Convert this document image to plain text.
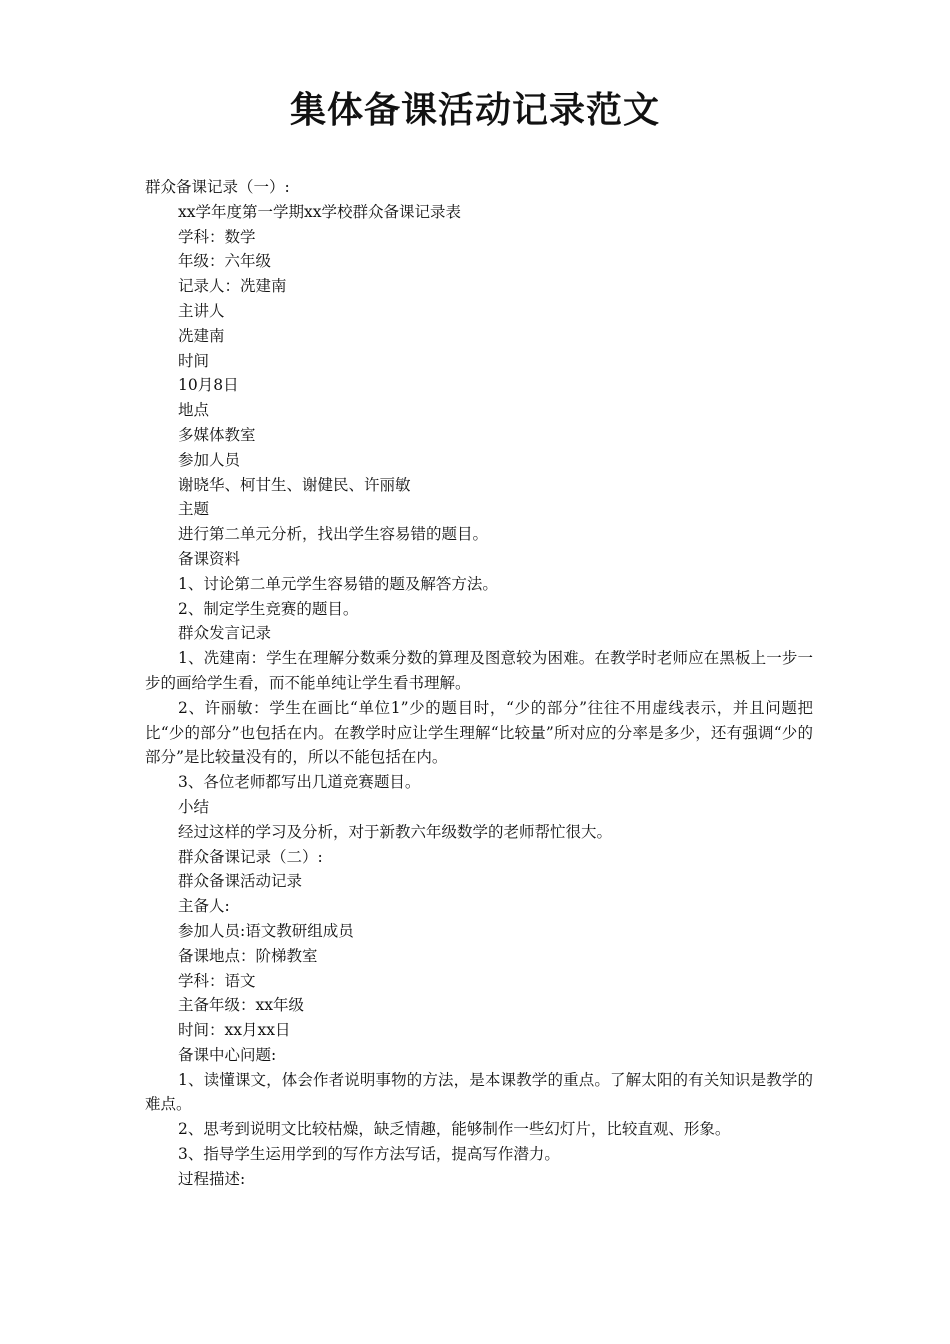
集体备课活动记录范文

群众备课记录（一）:

xx学年度第一学期xx学校群众备课记录表

学科：数学

年级：六年级

记录人：冼建南

主讲人

冼建南

时间

10月8日

地点

多媒体教室

参加人员

谢晓华、柯甘生、谢健民、许丽敏

主题

进行第二单元分析，找出学生容易错的题目。

备课资料

1、讨论第二单元学生容易错的题及解答方法。

2、制定学生竞赛的题目。

群众发言记录

1、冼建南：学生在理解分数乘分数的算理及图意较为困难。在教学时老师应在黑板上一步一步的画给学生看，而不能单纯让学生看书理解。

2、许丽敏：学生在画比“单位1”少的题目时，“少的部分”往往不用虚线表示，并且问题把比“少的部分”也包括在内。在教学时应让学生理解“比较量”所对应的分率是多少，还有强调“少的部分”是比较量没有的，所以不能包括在内。

3、各位老师都写出几道竞赛题目。

小结

经过这样的学习及分析，对于新教六年级数学的老师帮忙很大。

群众备课记录（二）:

群众备课活动记录

主备人:

参加人员:语文教研组成员

备课地点：阶梯教室

学科：语文

主备年级：xx年级

时间：xx月xx日

备课中心问题:

1、读懂课文，体会作者说明事物的方法，是本课教学的重点。了解太阳的有关知识是教学的难点。

2、思考到说明文比较枯燥，缺乏情趣，能够制作一些幻灯片，比较直观、形象。

3、指导学生运用学到的写作方法写话，提高写作潜力。

过程描述:
